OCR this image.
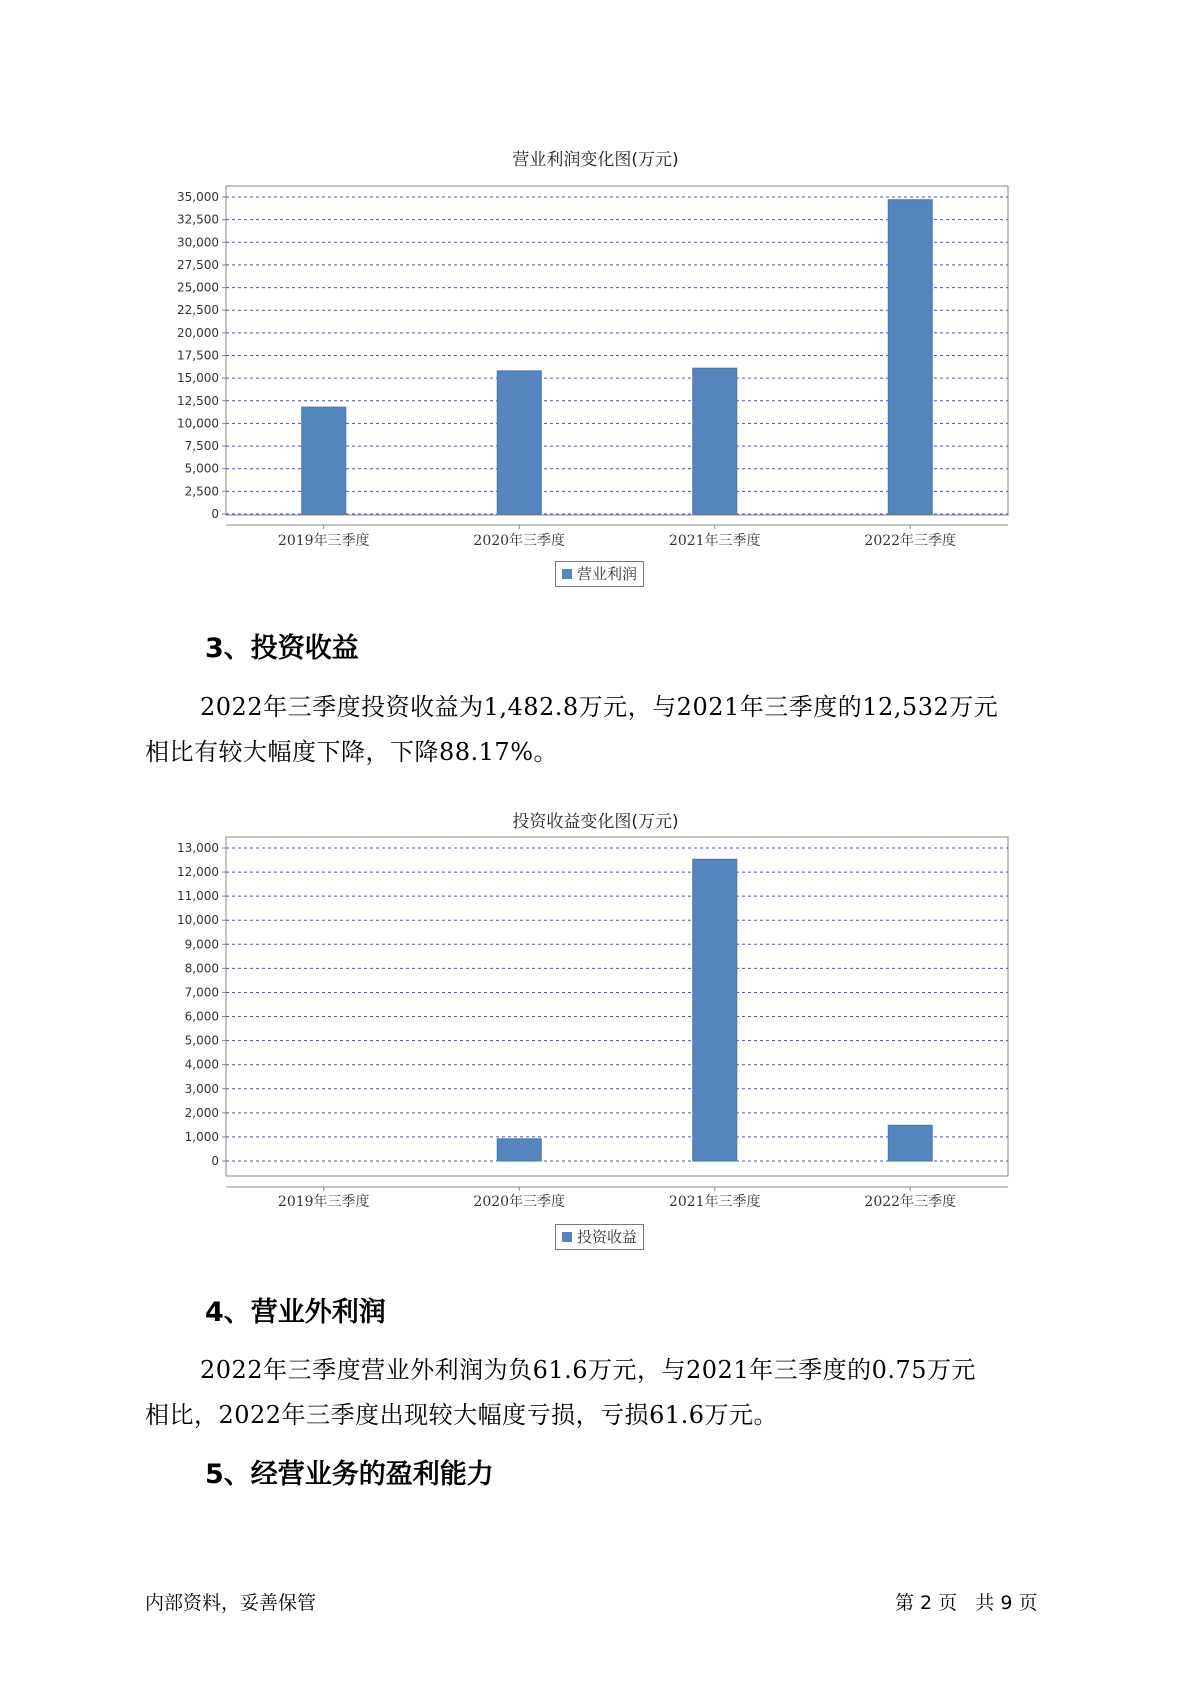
营业利润变化图(万元)
0
2,500
5,000
7,500
10,000
12,500
15,000
17,500
20,000
22,500
25,000
27,500
30,000
32,500
35,000
2019年三季度	2020年三季度	2021年三季度	2022年三季度
营业利润
3、投资收益
2022年三季度投资收益为1,482.8万元，与2021年三季度的12,532万元
相比有较大幅度下降，下降88.17%。
投资收益变化图(万元)
0
1,000
2,000
3,000
4,000
5,000
6,000
7,000
8,000
9,000
10,000
11,000
12,000
13,000
2019年三季度	2020年三季度	2021年三季度	2022年三季度
投资收益
4、营业外利润
2022年三季度营业外利润为负61.6万元，与2021年三季度的0.75万元
相比，2022年三季度出现较大幅度亏损，亏损61.6万元。
5、经营业务的盈利能力
内部资料，妥善保管	第 2 页   共 9 页
